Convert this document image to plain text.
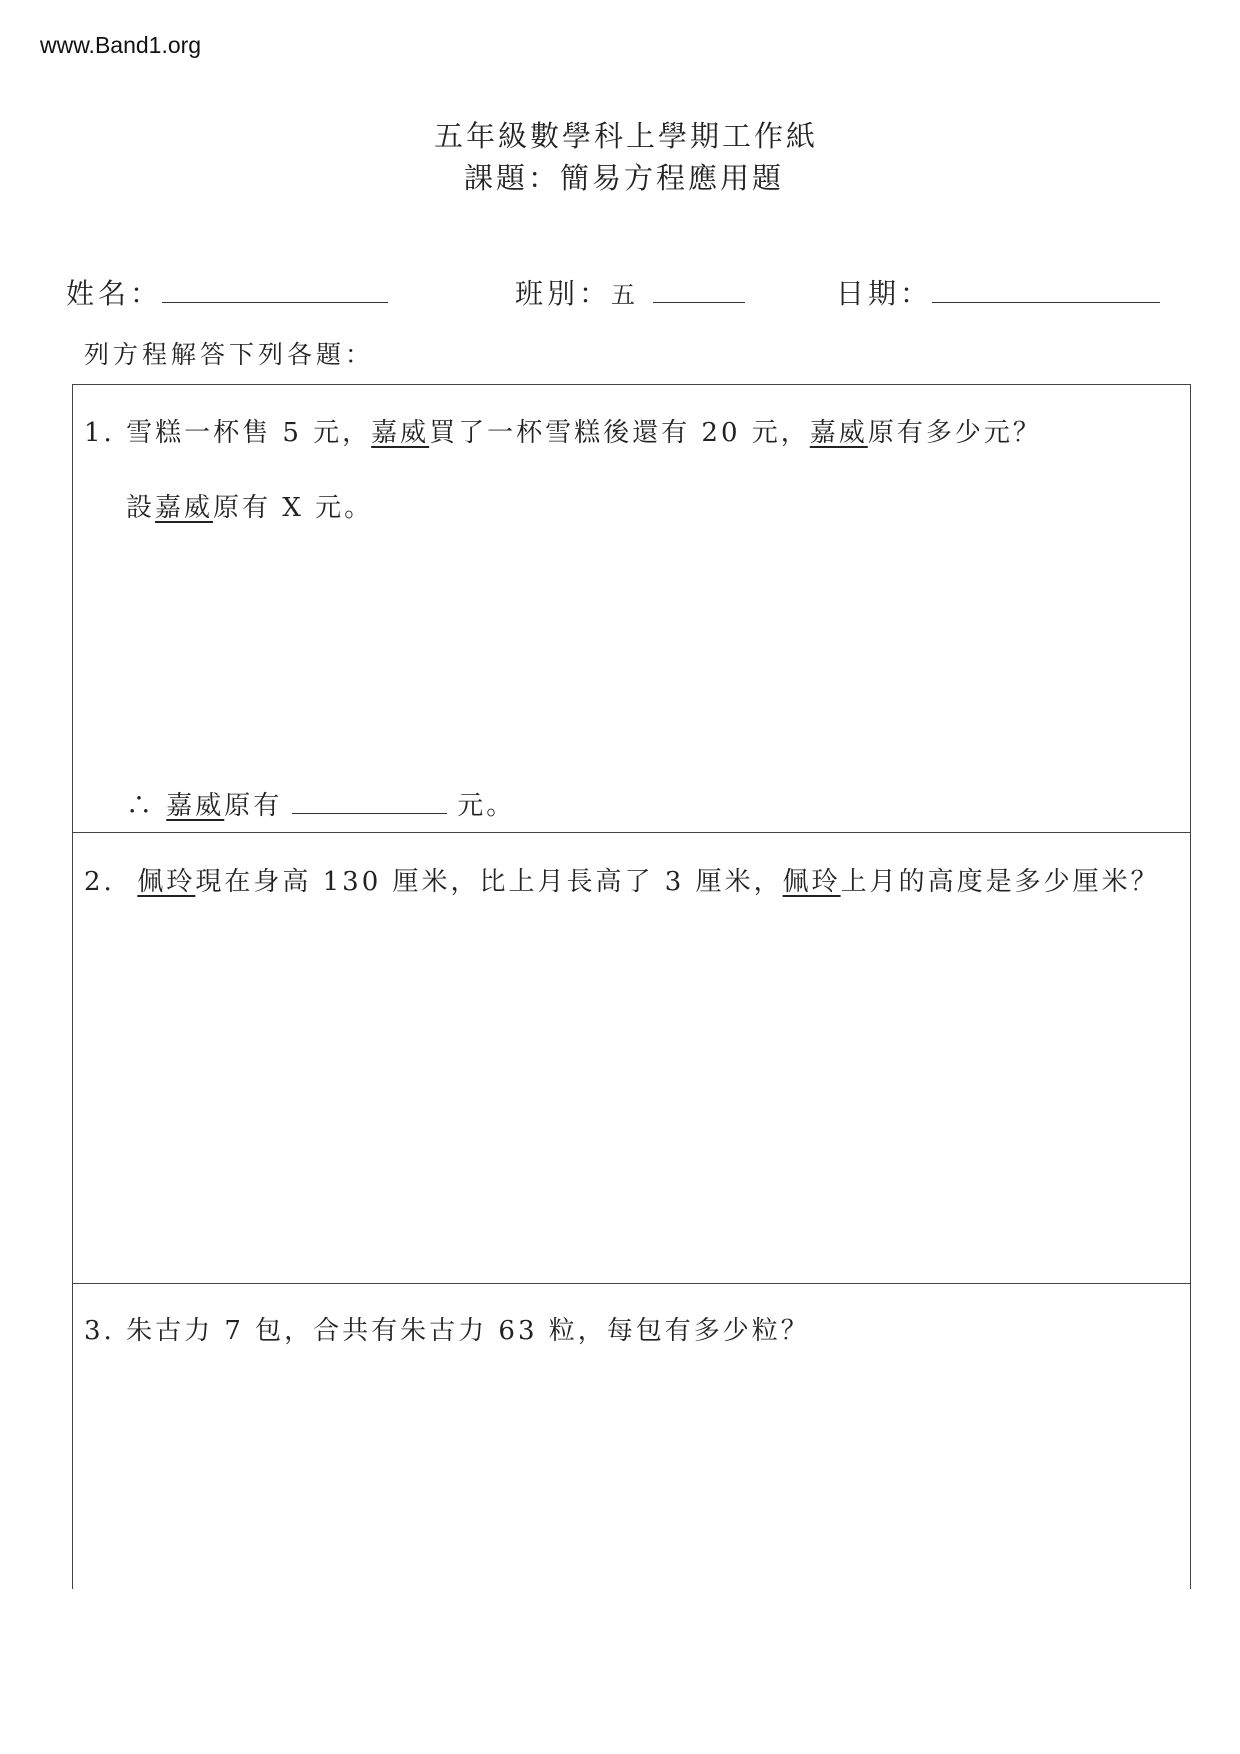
www.Band1.org
五年級數學科上學期工作紙
課題：簡易方程應用題
姓名：	班別：五	日期：
列方程解答下列各題：
1. 雪糕一杯售 5 元，嘉威買了一杯雪糕後還有 20 元，嘉威原有多少元？
設嘉威原有 X 元。
∴ 嘉威原有	元。
2. 佩玲現在身高 130 厘米，比上月長高了 3 厘米，佩玲上月的高度是多少厘米？
3. 朱古力 7 包，合共有朱古力 63 粒，每包有多少粒？
